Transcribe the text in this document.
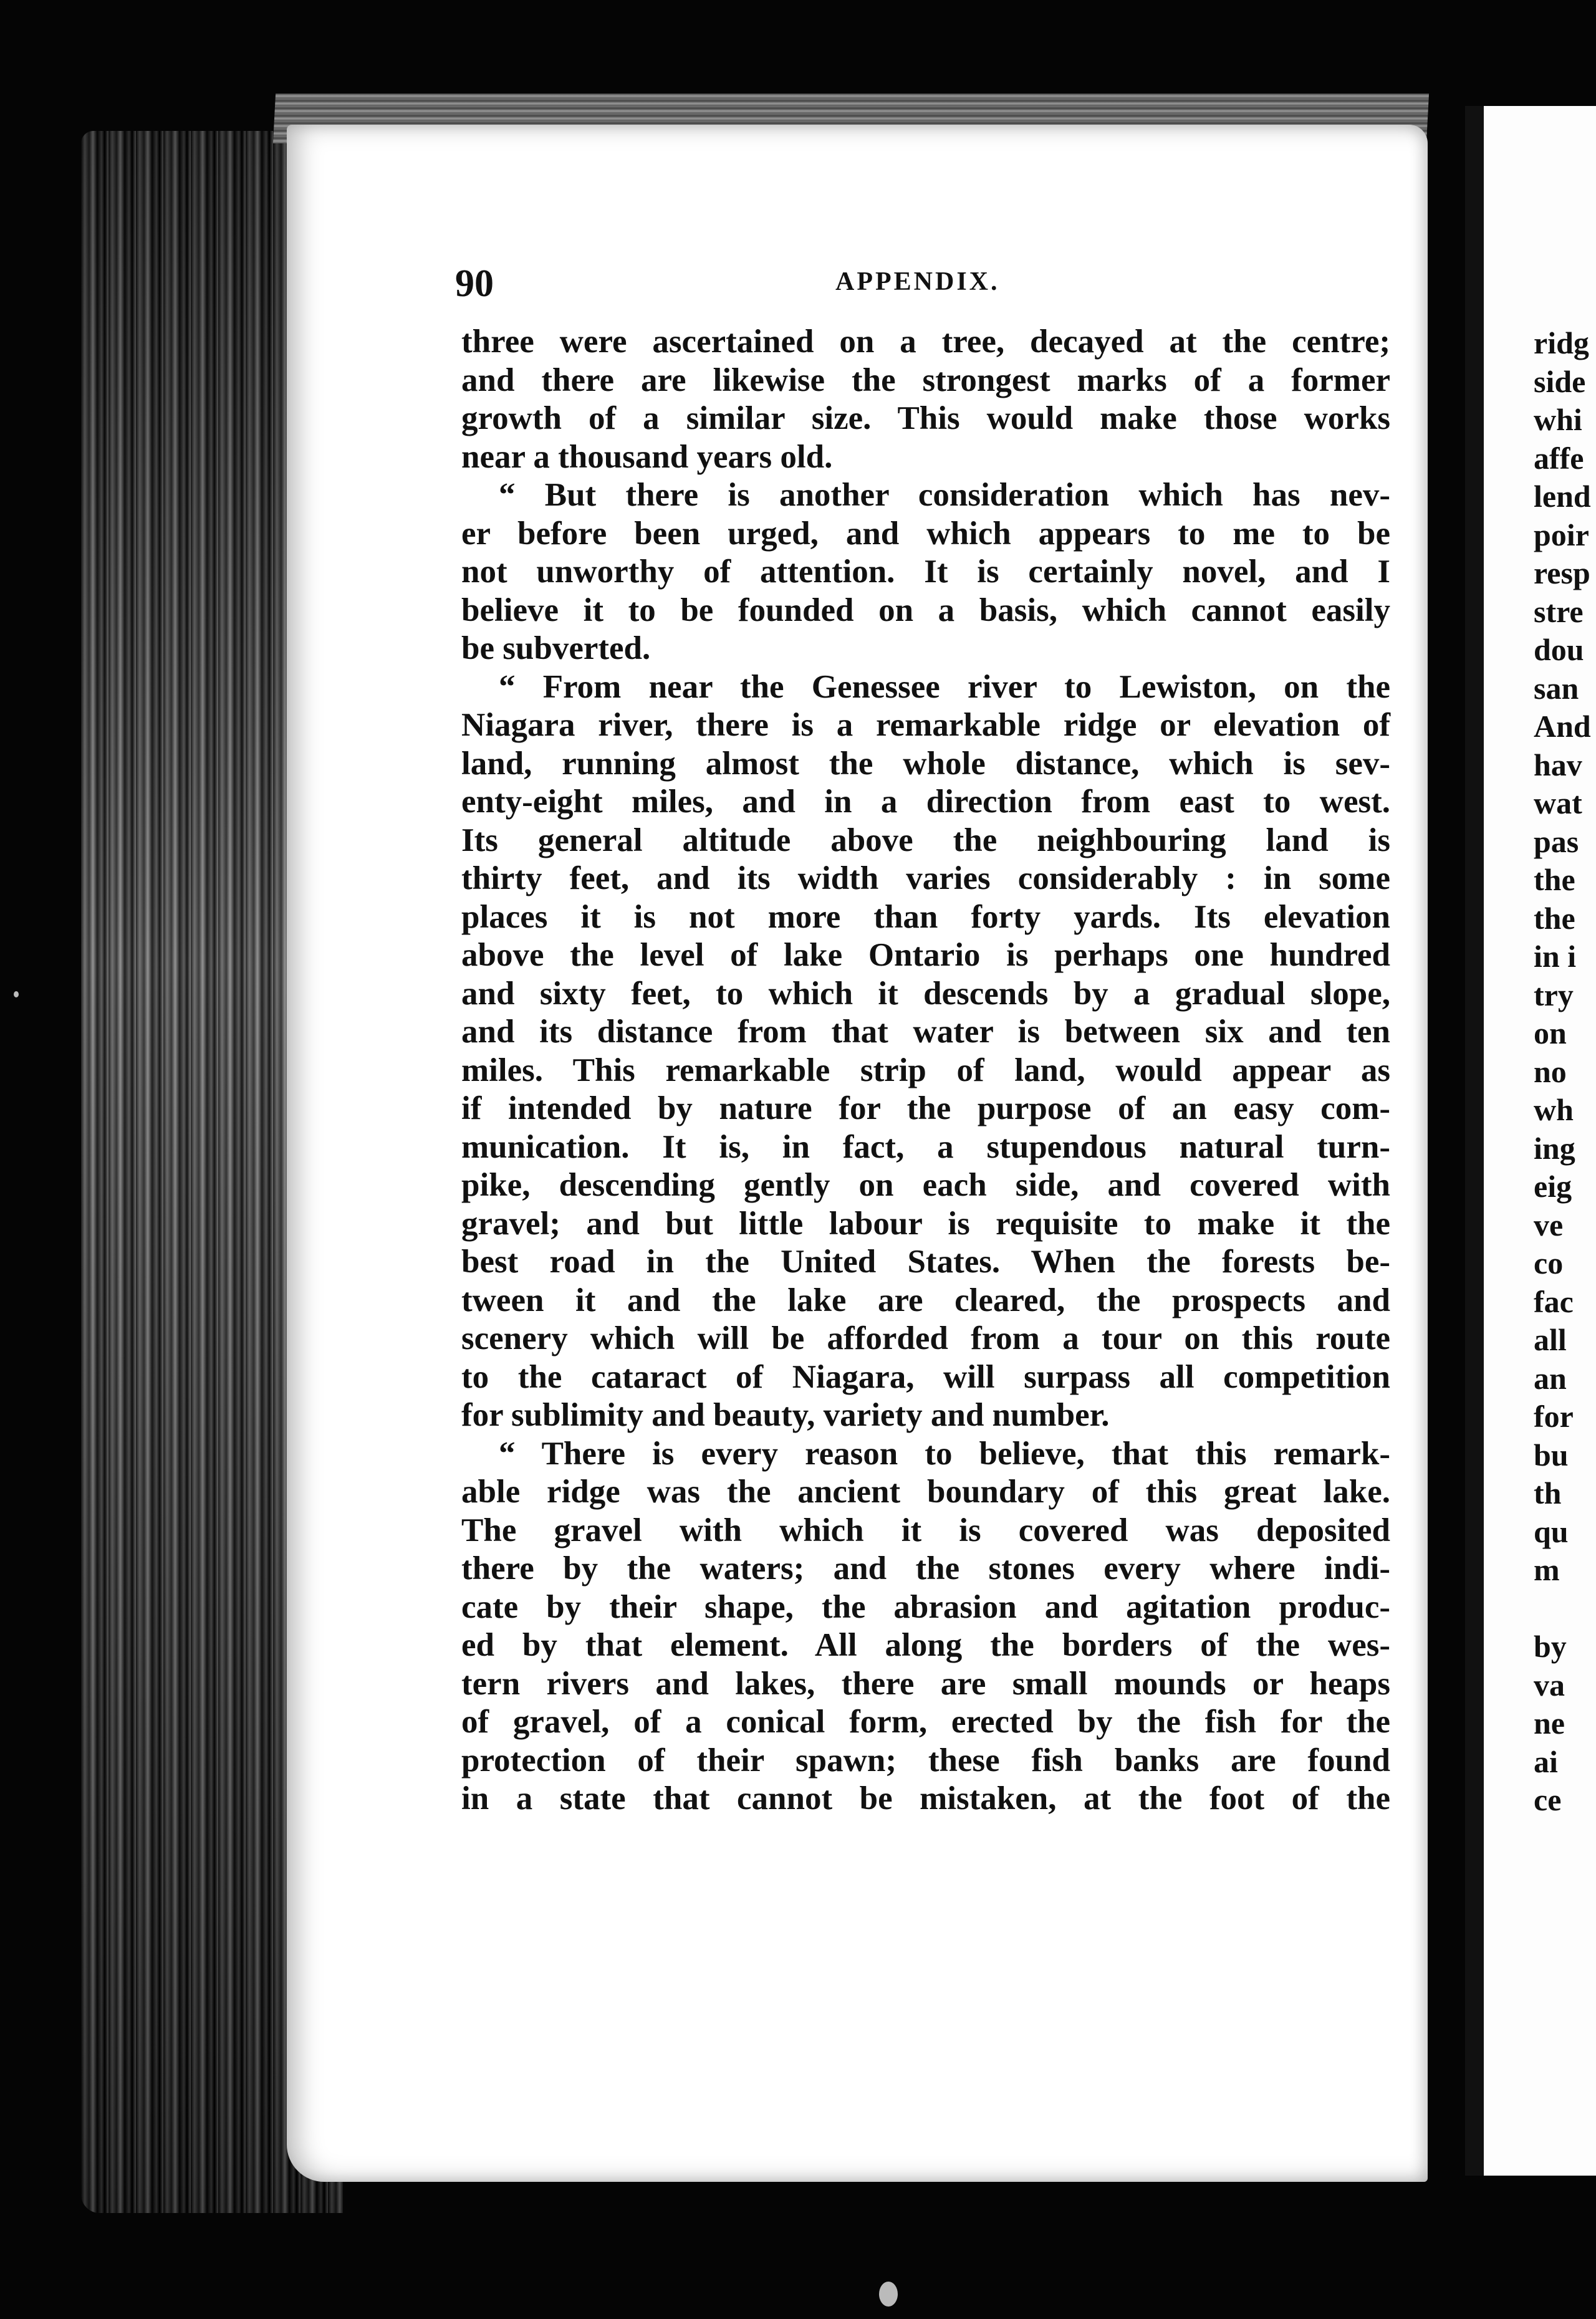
90	APPENDIX.
three were ascertained on a tree, decayed at the centre;
and there are likewise the strongest marks of a former
growth of a similar size. This would make those works
near a thousand years old.
“ But there is another consideration which has nev-
er before been urged, and which appears to me to be
not unworthy of attention. It is certainly novel, and I
believe it to be founded on a basis, which cannot easily
be subverted.
“ From near the Genessee river to Lewiston, on the
Niagara river, there is a remarkable ridge or elevation of
land, running almost the whole distance, which is sev-
enty-eight miles, and in a direction from east to west.
Its general altitude above the neighbouring land is
thirty feet, and its width varies considerably : in some
places it is not more than forty yards. Its elevation
above the level of lake Ontario is perhaps one hundred
and sixty feet, to which it descends by a gradual slope,
and its distance from that water is between six and ten
miles. This remarkable strip of land, would appear as
if intended by nature for the purpose of an easy com-
munication. It is, in fact, a stupendous natural turn-
pike, descending gently on each side, and covered with
gravel; and but little labour is requisite to make it the
best road in the United States. When the forests be-
tween it and the lake are cleared, the prospects and
scenery which will be afforded from a tour on this route
to the cataract of Niagara, will surpass all competition
for sublimity and beauty, variety and number.
“ There is every reason to believe, that this remark-
able ridge was the ancient boundary of this great lake.
The gravel with which it is covered was deposited
there by the waters; and the stones every where indi-
cate by their shape, the abrasion and agitation produc-
ed by that element. All along the borders of the wes-
tern rivers and lakes, there are small mounds or heaps
of gravel, of a conical form, erected by the fish for the
protection of their spawn; these fish banks are found
in a state that cannot be mistaken, at the foot of the
ridg
side
whi
affe
lend
poir
resp
stre
dou
san
And
hav
wat
pas
the
the
in i
try
on
no
wh
ing
eig
ve
co
fac
all
an
for
bu
th
qu
m
by
va
ne
ai
ce
